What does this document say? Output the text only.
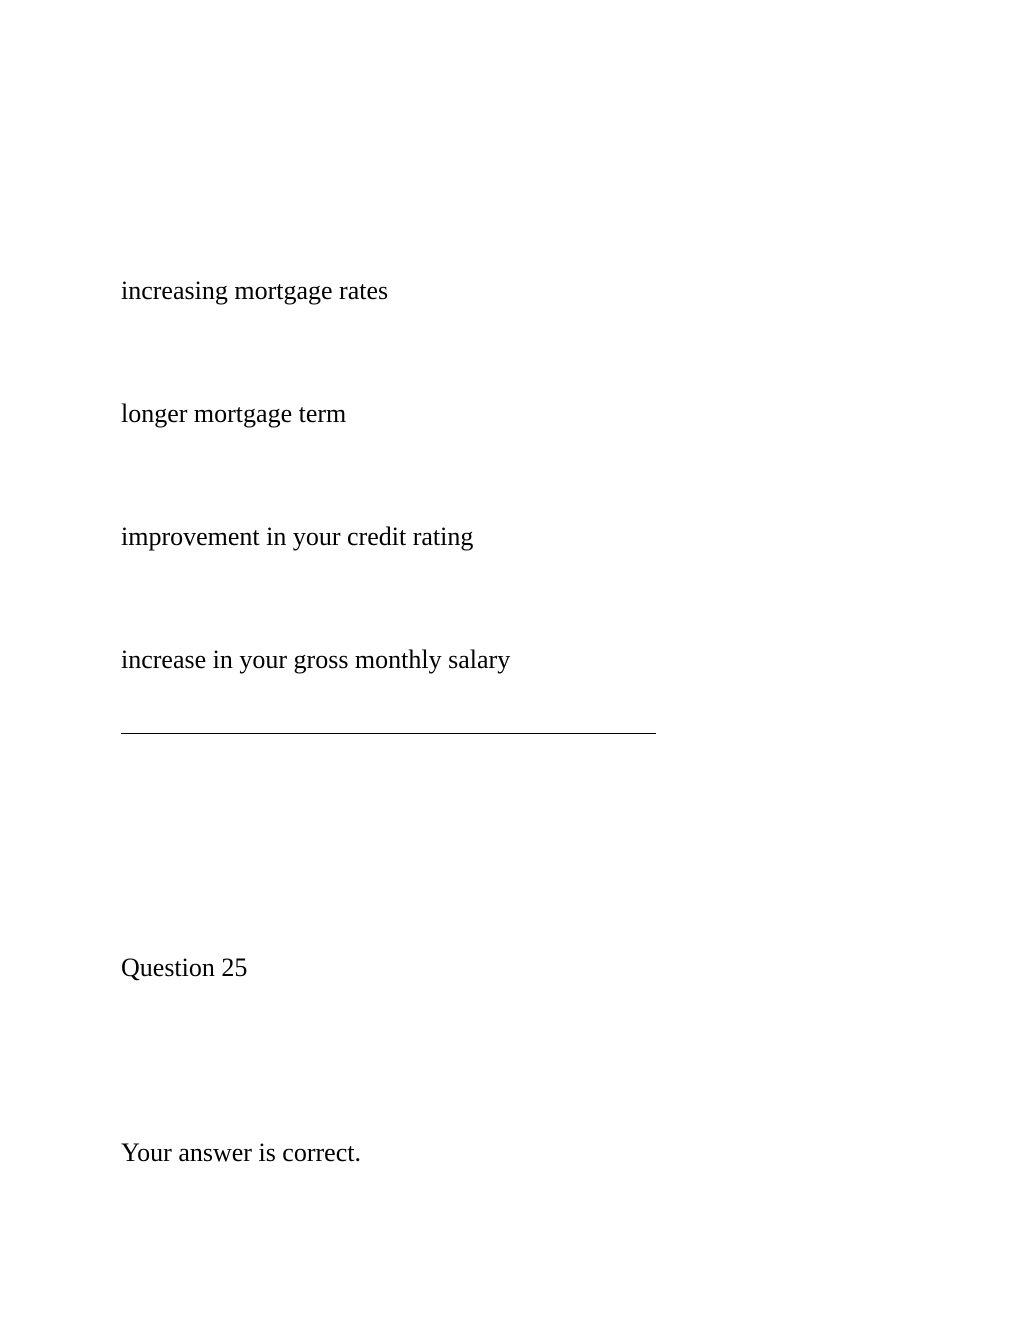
increasing mortgage rates

longer mortgage term

improvement in your credit rating

increase in your gross monthly salary

Question 25

Your answer is correct.
